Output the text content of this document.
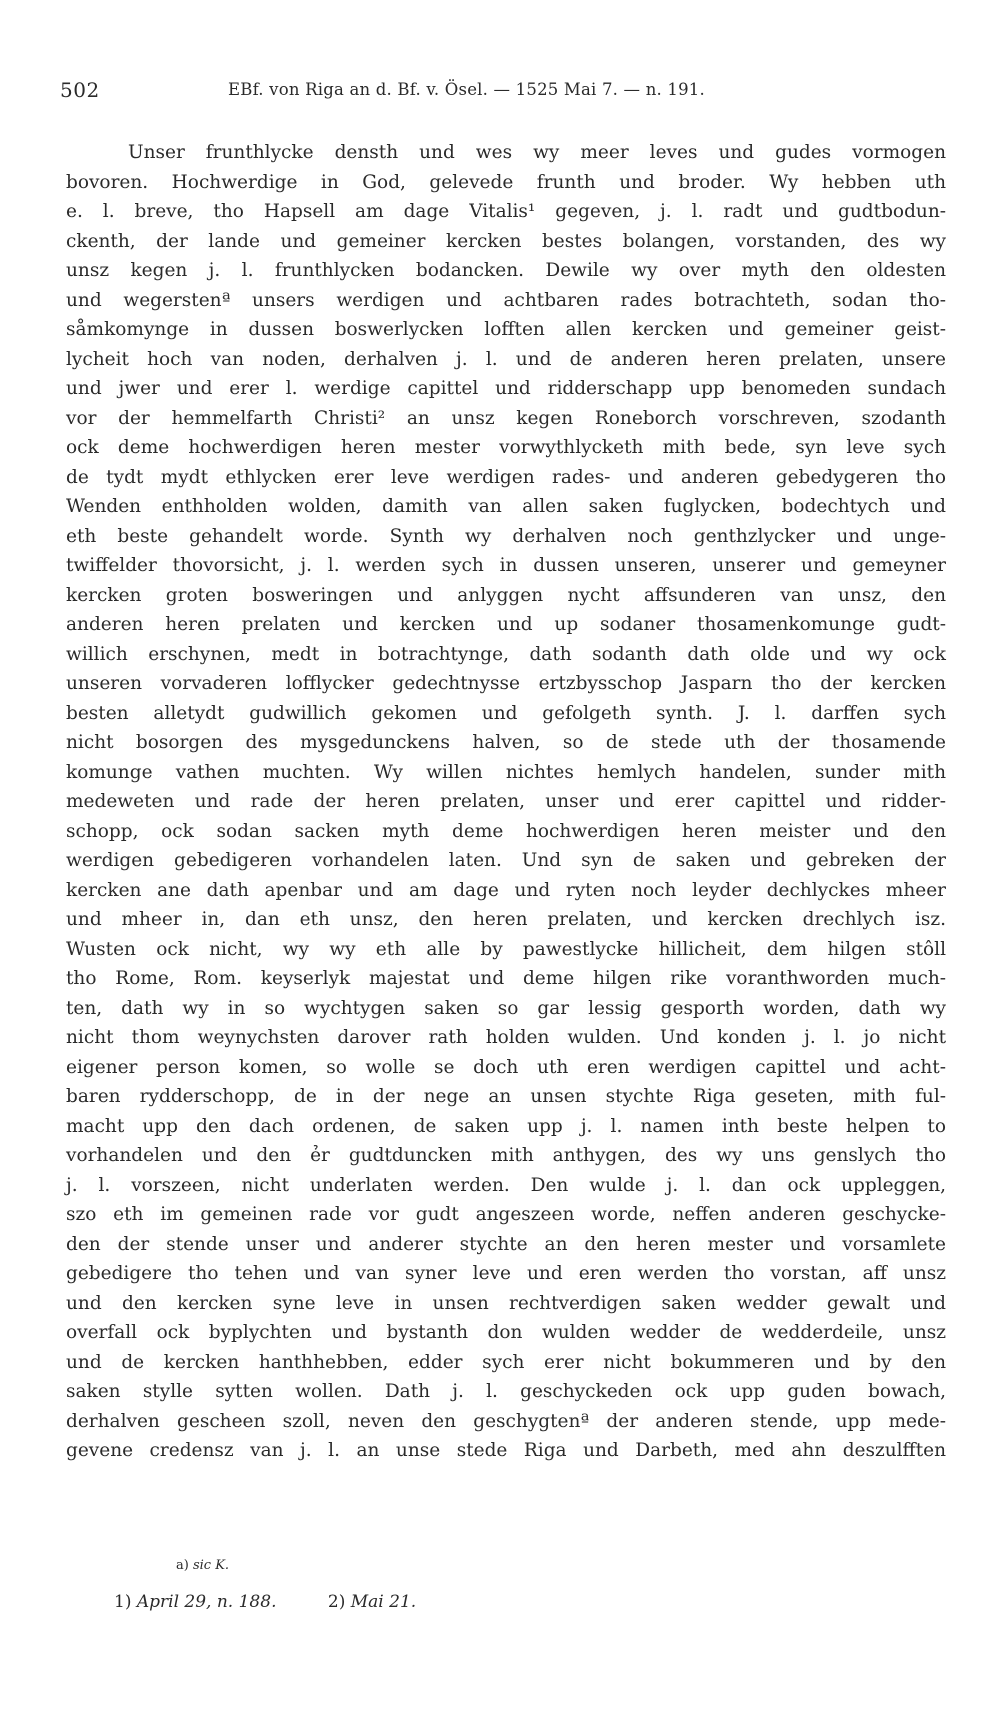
502	EBf. von Riga an d. Bf. v. Ösel. — 1525 Mai 7. — n. 191.
Unser frunthlycke densth und wes wy meer leves und gudes vormogen
bovoren. Hochwerdige in God, gelevede frunth und broder. Wy hebben uth
e. l. breve, tho Hapsell am dage Vitalis¹ gegeven, j. l. radt und gudtbodun-
ckenth, der lande und gemeiner kercken bestes bolangen, vorstanden, des wy
unsz kegen j. l. frunthlycken bodancken. Dewile wy over myth den oldesten
und wegerstenª unsers werdigen und achtbaren rades botrachteth, sodan tho-
såmkomynge in dussen boswerlycken lofften allen kercken und gemeiner geist-
lycheit hoch van noden, derhalven j. l. und de anderen heren prelaten, unsere
und jwer und erer l. werdige capittel und ridderschapp upp benomeden sundach
vor der hemmelfarth Christi² an unsz kegen Roneborch vorschreven, szodanth
ock deme hochwerdigen heren mester vorwythlycketh mith bede, syn leve sych
de tydt mydt ethlycken erer leve werdigen rades- und anderen gebedygeren tho
Wenden enthholden wolden, damith van allen saken fuglycken, bodechtych und
eth beste gehandelt worde. Synth wy derhalven noch genthzlycker und unge-
twiffelder thovorsicht, j. l. werden sych in dussen unseren, unserer und gemeyner
kercken groten bosweringen und anlyggen nycht affsunderen van unsz, den
anderen heren prelaten und kercken und up sodaner thosamenkomunge gudt-
willich erschynen, medt in botrachtynge, dath sodanth dath olde und wy ock
unseren vorvaderen lofflycker gedechtnysse ertzbysschop Jasparn tho der kercken
besten alletydt gudwillich gekomen und gefolgeth synth. J. l. darffen sych
nicht bosorgen des mysgedunckens halven, so de stede uth der thosamende
komunge vathen muchten. Wy willen nichtes hemlych handelen, sunder mith
medeweten und rade der heren prelaten, unser und erer capittel und ridder-
schopp, ock sodan sacken myth deme hochwerdigen heren meister und den
werdigen gebedigeren vorhandelen laten. Und syn de saken und gebreken der
kercken ane dath apenbar und am dage und ryten noch leyder dechlyckes mheer
und mheer in, dan eth unsz, den heren prelaten, und kercken drechlych isz.
Wusten ock nicht, wy wy eth alle by pawestlycke hillicheit, dem hilgen stôll
tho Rome, Rom. keyserlyk majestat und deme hilgen rike voranthworden much-
ten, dath wy in so wychtygen saken so gar lessig gesporth worden, dath wy
nicht thom weynychsten darover rath holden wulden. Und konden j. l. jo nicht
eigener person komen, so wolle se doch uth eren werdigen capittel und acht-
baren rydderschopp, de in der nege an unsen stychte Riga geseten, mith ful-
macht upp den dach ordenen, de saken upp j. l. namen inth beste helpen to
vorhandelen und den ẻr gudtduncken mith anthygen, des wy uns genslych tho
j. l. vorszeen, nicht underlaten werden. Den wulde j. l. dan ock uppleggen,
szo eth im gemeinen rade vor gudt angeszeen worde, neffen anderen geschycke-
den der stende unser und anderer stychte an den heren mester und vorsamlete
gebedigere tho tehen und van syner leve und eren werden tho vorstan, aff unsz
und den kercken syne leve in unsen rechtverdigen saken wedder gewalt und
overfall ock byplychten und bystanth don wulden wedder de wedderdeile, unsz
und de kercken hanthhebben, edder sych erer nicht bokummeren und by den
saken stylle sytten wollen. Dath j. l. geschyckeden ock upp guden bowach,
derhalven gescheen szoll, neven den geschygtenª der anderen stende, upp mede-
gevene credensz van j. l. an unse stede Riga und Darbeth, med ahn deszulfften
a) sic K.
1) April 29, n. 188.	2) Mai 21.
